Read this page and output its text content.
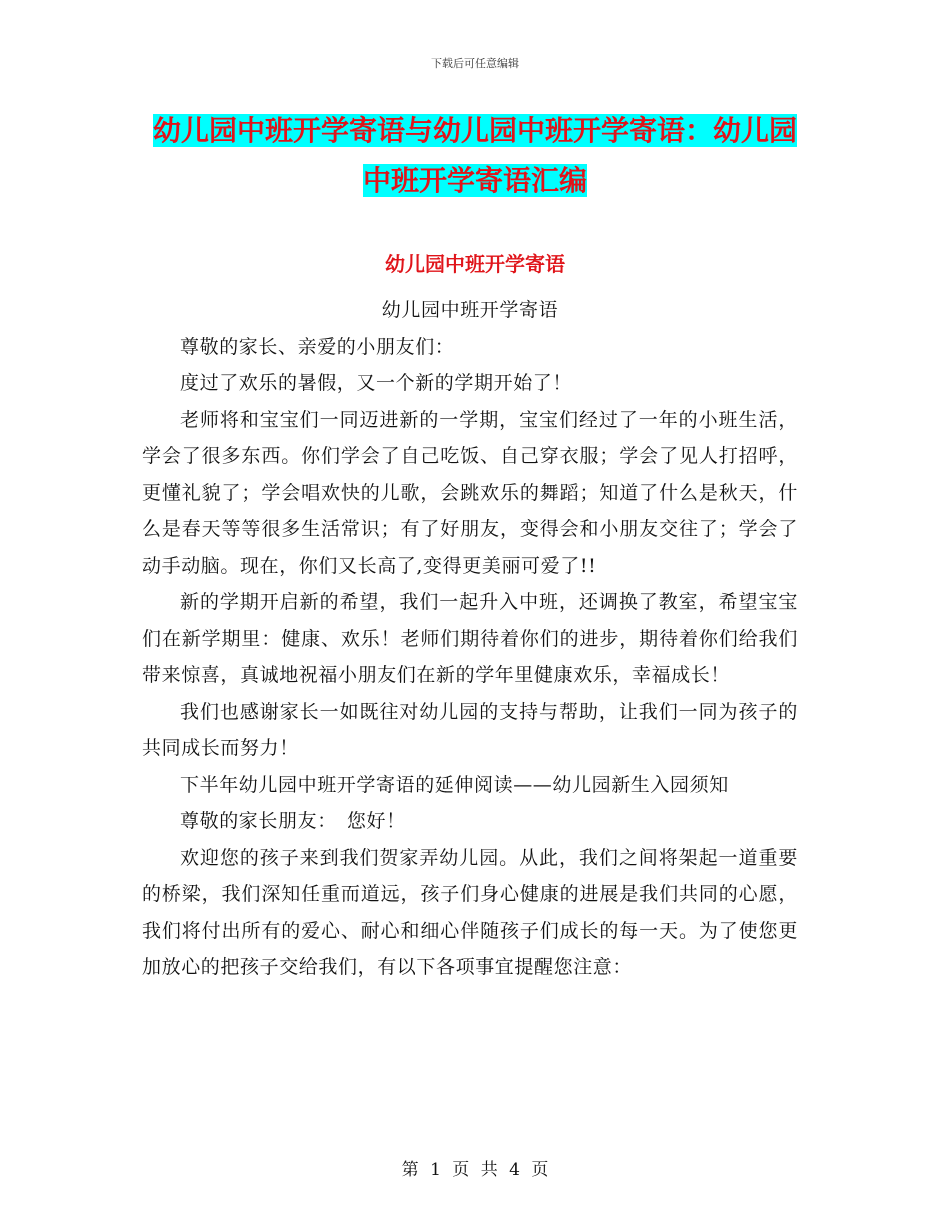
下载后可任意编辑
幼儿园中班开学寄语与幼儿园中班开学寄语：幼儿园
中班开学寄语汇编
幼儿园中班开学寄语

幼儿园中班开学寄语

尊敬的家长、亲爱的小朋友们：

度过了欢乐的暑假，又一个新的学期开始了！

老师将和宝宝们一同迈进新的一学期，宝宝们经过了一年的小班生活，学会了很多东西。你们学会了自己吃饭、自己穿衣服；学会了见人打招呼，更懂礼貌了；学会唱欢快的儿歌，会跳欢乐的舞蹈；知道了什么是秋天，什么是春天等等很多生活常识；有了好朋友，变得会和小朋友交往了；学会了动手动脑。现在，你们又长高了,变得更美丽可爱了!!

新的学期开启新的希望，我们一起升入中班，还调换了教室，希望宝宝们在新学期里：健康、欢乐！老师们期待着你们的进步，期待着你们给我们带来惊喜，真诚地祝福小朋友们在新的学年里健康欢乐，幸福成长！

我们也感谢家长一如既往对幼儿园的支持与帮助，让我们一同为孩子的共同成长而努力！

下半年幼儿园中班开学寄语的延伸阅读——幼儿园新生入园须知

尊敬的家长朋友：　您好！

欢迎您的孩子来到我们贺家弄幼儿园。从此，我们之间将架起一道重要的桥梁，我们深知任重而道远，孩子们身心健康的进展是我们共同的心愿，我们将付出所有的爱心、耐心和细心伴随孩子们成长的每一天。为了使您更加放心的把孩子交给我们，有以下各项事宜提醒您注意：

第 1 页 共 4 页
